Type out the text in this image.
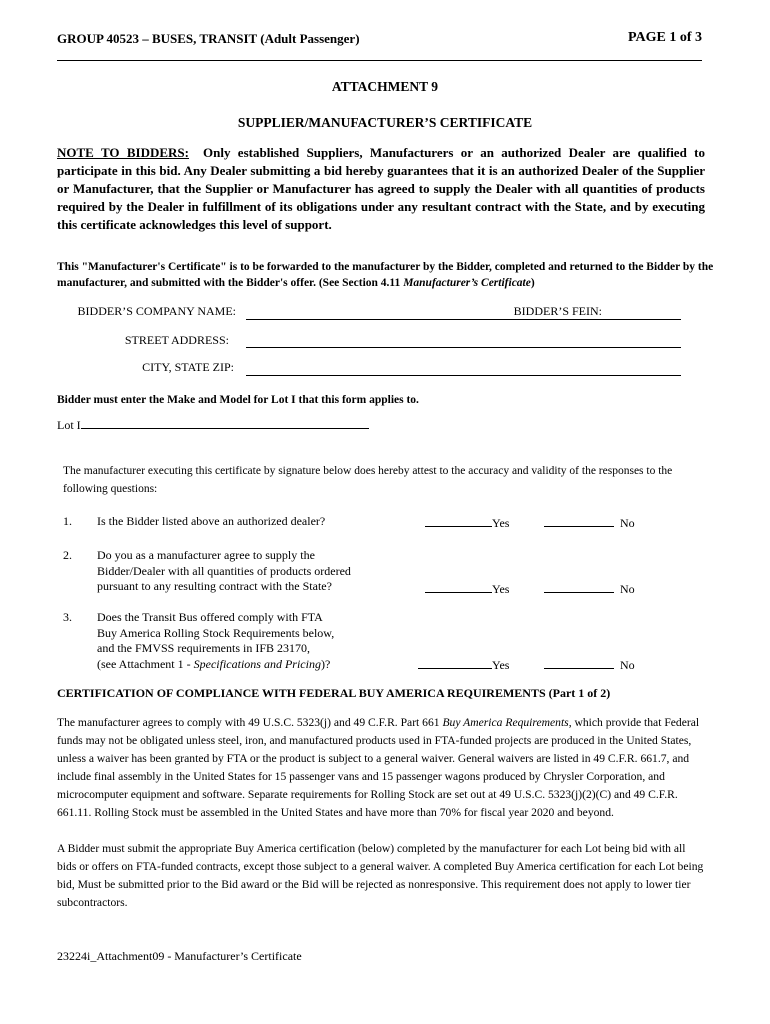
GROUP 40523 – BUSES, TRANSIT (Adult Passenger)	PAGE 1 of 3
ATTACHMENT 9
SUPPLIER/MANUFACTURER’S CERTIFICATE
NOTE TO BIDDERS: Only established Suppliers, Manufacturers or an authorized Dealer are qualified to participate in this bid. Any Dealer submitting a bid hereby guarantees that it is an authorized Dealer of the Supplier or Manufacturer, that the Supplier or Manufacturer has agreed to supply the Dealer with all quantities of products required by the Dealer in fulfillment of its obligations under any resultant contract with the State, and by executing this certificate acknowledges this level of support.
This "Manufacturer's Certificate" is to be forwarded to the manufacturer by the Bidder, completed and returned to the Bidder by the manufacturer, and submitted with the Bidder's offer. (See Section 4.11 Manufacturer’s Certificate)
BIDDER’S COMPANY NAME:	BIDDER’S FEIN:
STREET ADDRESS:
CITY, STATE ZIP:
Bidder must enter the Make and Model for Lot I that this form applies to.
Lot I
The manufacturer executing this certificate by signature below does hereby attest to the accuracy and validity of the responses to the following questions:
1. Is the Bidder listed above an authorized dealer?	Yes	No
2. Do you as a manufacturer agree to supply the
Bidder/Dealer with all quantities of products ordered
pursuant to any resulting contract with the State?	Yes	No
3. Does the Transit Bus offered comply with FTA
Buy America Rolling Stock Requirements below,
and the FMVSS requirements in IFB 23170,
(see Attachment 1 - Specifications and Pricing)?	Yes	No
CERTIFICATION OF COMPLIANCE WITH FEDERAL BUY AMERICA REQUIREMENTS (Part 1 of 2)
The manufacturer agrees to comply with 49 U.S.C. 5323(j) and 49 C.F.R. Part 661 Buy America Requirements, which provide that Federal funds may not be obligated unless steel, iron, and manufactured products used in FTA-funded projects are produced in the United States, unless a waiver has been granted by FTA or the product is subject to a general waiver. General waivers are listed in 49 C.F.R. 661.7, and include final assembly in the United States for 15 passenger vans and 15 passenger wagons produced by Chrysler Corporation, and microcomputer equipment and software. Separate requirements for Rolling Stock are set out at 49 U.S.C. 5323(j)(2)(C) and 49 C.F.R. 661.11. Rolling Stock must be assembled in the United States and have more than 70% for fiscal year 2020 and beyond.
A Bidder must submit the appropriate Buy America certification (below) completed by the manufacturer for each Lot being bid with all bids or offers on FTA-funded contracts, except those subject to a general waiver. A completed Buy America certification for each Lot being bid, Must be submitted prior to the Bid award or the Bid will be rejected as nonresponsive. This requirement does not apply to lower tier subcontractors.
23224i_Attachment09 - Manufacturer’s Certificate
